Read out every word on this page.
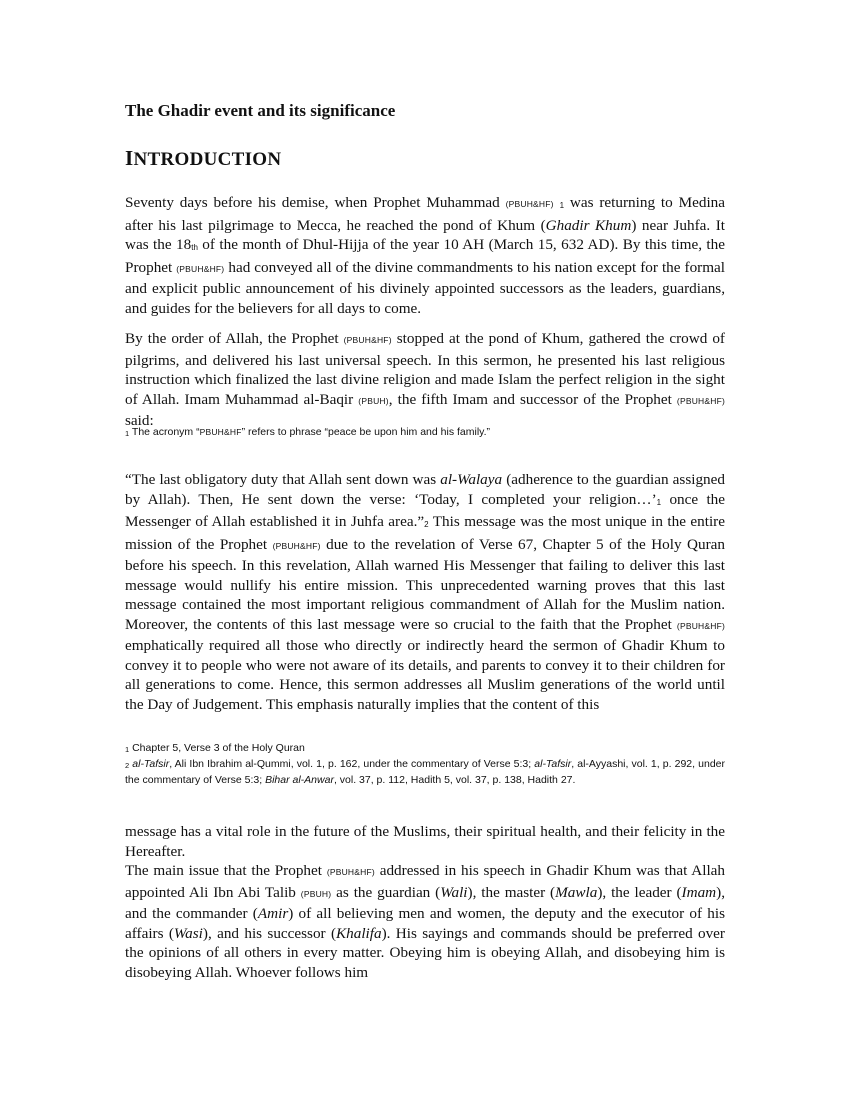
The Ghadir event and its significance
INTRODUCTION

Seventy days before his demise, when Prophet Muhammad (PBUH&HF) 1 was returning to Medina after his last pilgrimage to Mecca, he reached the pond of Khum (Ghadir Khum) near Juhfa. It was the 18th of the month of Dhul-Hijja of the year 10 AH (March 15, 632 AD). By this time, the Prophet (PBUH&HF) had conveyed all of the divine commandments to his nation except for the formal and explicit public announcement of his divinely appointed successors as the leaders, guardians, and guides for the believers for all days to come.

By the order of Allah, the Prophet (PBUH&HF) stopped at the pond of Khum, gathered the crowd of pilgrims, and delivered his last universal speech. In this sermon, he presented his last religious instruction which finalized the last divine religion and made Islam the perfect religion in the sight of Allah. Imam Muhammad al-Baqir (PBUH), the fifth Imam and successor of the Prophet (PBUH&HF) said:

1 The acronym “PBUH&HF” refers to phrase “peace be upon him and his family.”

“The last obligatory duty that Allah sent down was al-Walaya (adherence to the guardian assigned by Allah). Then, He sent down the verse: ‘Today, I completed your religion…’1 once the Messenger of Allah established it in Juhfa area.”2 This message was the most unique in the entire mission of the Prophet (PBUH&HF) due to the revelation of Verse 67, Chapter 5 of the Holy Quran before his speech. In this revelation, Allah warned His Messenger that failing to deliver this last message would nullify his entire mission. This unprecedented warning proves that this last message contained the most important religious commandment of Allah for the Muslim nation. Moreover, the contents of this last message were so crucial to the faith that the Prophet (PBUH&HF) emphatically required all those who directly or indirectly heard the sermon of Ghadir Khum to convey it to people who were not aware of its details, and parents to convey it to their children for all generations to come. Hence, this sermon addresses all Muslim generations of the world until the Day of Judgement. This emphasis naturally implies that the content of this

1 Chapter 5, Verse 3 of the Holy Quran

2 al-Tafsir, Ali Ibn Ibrahim al-Qummi, vol. 1, p. 162, under the commentary of Verse 5:3; al-Tafsir, al-Ayyashi, vol. 1, p. 292, under the commentary of Verse 5:3; Bihar al-Anwar, vol. 37, p. 112, Hadith 5, vol. 37, p. 138, Hadith 27.

message has a vital role in the future of the Muslims, their spiritual health, and their felicity in the Hereafter.

The main issue that the Prophet (PBUH&HF) addressed in his speech in Ghadir Khum was that Allah appointed Ali Ibn Abi Talib (PBUH) as the guardian (Wali), the master (Mawla), the leader (Imam), and the commander (Amir) of all believing men and women, the deputy and the executor of his affairs (Wasi), and his successor (Khalifa). His sayings and commands should be preferred over the opinions of all others in every matter. Obeying him is obeying Allah, and disobeying him is disobeying Allah. Whoever follows him
